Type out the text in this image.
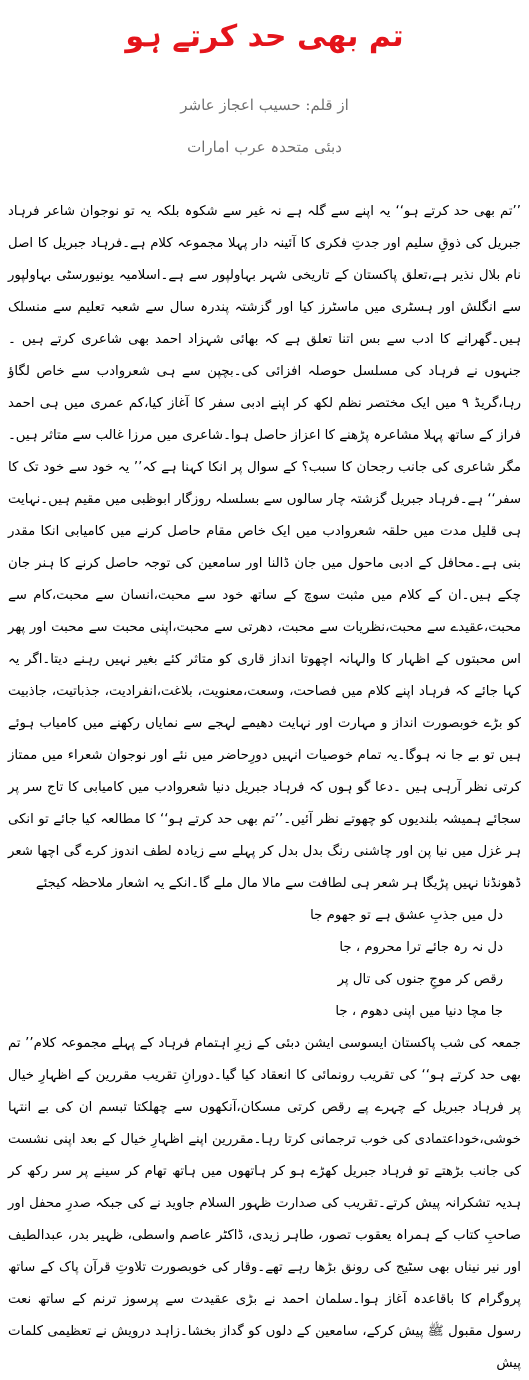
تم بھی حد کرتے ہو
از قلم: حسیب اعجاز عاشر
دبئی متحدہ عرب امارات

’’تم بھی حد کرتے ہو‘‘ یہ اپنے سے گلہ ہے نہ غیر سے شکوہ بلکہ یہ تو نوجوان شاعر فرہاد جبریل کی ذوقِ سلیم اور جدتِ فکری کا آئینہ دار پہلا مجموعہ کلام ہے۔فرہاد جبریل کا اصل نام بلال نذیر ہے،تعلق پاکستان کے تاریخی شہر بہاولپور سے ہے۔اسلامیہ یونیورسٹی بہاولپور سے انگلش اور ہسٹری میں ماسٹرز کیا اور گزشتہ پندرہ سال سے شعبہ تعلیم سے منسلک ہیں۔گھرانے کا ادب سے بس اتنا تعلق ہے کہ بھائی شہزاد احمد بھی شاعری کرتے ہیں ۔جنہوں نے فرہاد کی مسلسل حوصلہ افزائی کی۔بچپن سے ہی شعروادب سے خاص لگاؤ رہا،گریڈ ۹ میں ایک مختصر نظم لکھ کر اپنے ادبی سفر کا آغاز کیا،کم عمری میں ہی احمد فراز کے ساتھ پہلا مشاعرہ پڑھنے کا اعزاز حاصل ہوا۔شاعری میں مرزا غالب سے متاثر ہیں۔مگر شاعری کی جانب رجحان کا سبب؟ کے سوال پر انکا کہنا ہے کہ’’ یہ خود سے خود تک کا سفر‘‘ ہے۔فرہاد جبریل گزشتہ چار سالوں سے بسلسلہ روزگار ابوظبی میں مقیم ہیں۔نہایت ہی قلیل مدت میں حلقہ شعروادب میں ایک خاص مقام حاصل کرنے میں کامیابی انکا مقدر بنی ہے۔محافل کے ادبی ماحول میں جان ڈالنا اور سامعین کی توجہ حاصل کرنے کا ہنر جان چکے ہیں۔ان کے کلام میں مثبت سوچ کے ساتھ خود سے محبت،انسان سے محبت،کام سے محبت،عقیدے سے محبت،نظریات سے محبت، دھرتی سے محبت،اپنی محبت سے محبت اور پھر اس محبتوں کے اظہار کا والہانہ اچھوتا انداز قاری کو متاثر کئے بغیر نہیں رہنے دیتا۔اگر یہ کہا جائے کہ فرہاد اپنے کلام میں فصاحت، وسعت،معنویت، بلاغت،انفرادیت، جذباتیت، جاذبیت کو بڑے خوبصورت انداز و مہارت اور نہایت دھیمے لہجے سے نمایاں رکھنے میں کامیاب ہوئے ہیں تو بے جا نہ ہوگا۔یہ تمام خوصیات انہیں دورِحاضر میں نئے اور نوجوان شعراء میں ممتاز کرتی نظر آرہی ہیں ۔دعا گو ہوں کہ فرہاد جبریل دنیا شعروادب میں کامیابی کا تاج سر پر سجائے ہمیشہ بلندیوں کو چھوتے نظر آئیں۔’’تم بھی حد کرتے ہو‘‘ کا مطالعہ کیا جائے تو انکی ہر غزل میں نیا پن اور چاشنی رنگ بدل بدل کر پہلے سے زیادہ لطف اندوز کرے گی اچھا شعر ڈھونڈنا نہیں پڑیگا ہر شعر ہی لطافت سے مالا مال ملے گا۔انکے یہ اشعار ملاحظہ کیجئے

دل میں جذبِ عشق ہے تو جھوم جا

دل نہ رہ جائے ترا محروم ، جا

رقص کر موجِ جنوں کی تال پر

جا مچا دنیا میں اپنی دھوم ، جا

جمعہ کی شب پاکستان ایسوسی ایشن دبئی کے زیرِ اہتمام فرہاد کے پہلے مجموعہ کلام’’ تم بھی حد کرتے ہو‘‘ کی تقریب رونمائی کا انعقاد کیا گیا۔دورانِ تقریب مقررین کے اظہارِ خیال پر فرہاد جبریل کے چہرے پے رقص کرتی مسکان،آنکھوں سے چھلکتا تبسم ان کی بے انتہا خوشی،خوداعتمادی کی خوب ترجمانی کرتا رہا۔مقررین اپنے اظہارِ خیال کے بعد اپنی نشست کی جانب بڑھتے تو فرہاد جبریل کھڑے ہو کر ہاتھوں میں ہاتھ تھام کر سینے پر سر رکھ کر ہدیہ تشکرانہ پیش کرتے۔تقریب کی صدارت ظہور السلام جاوید نے کی جبکہ صدرِ محفل اور صاحبِ کتاب کے ہمراہ یعقوب تصور، طاہر زیدی، ڈاکٹر عاصم واسطی، ظہیر بدر، عبدالطیف اور نیر نیناں بھی سٹیج کی رونق بڑھا رہے تھے۔وقار کی خوبصورت تلاوتِ قرآن پاک کے ساتھ پروگرام کا باقاعدہ آغاز ہوا۔سلمان احمد نے بڑی عقیدت سے پرسوز ترنم کے ساتھ نعت رسول مقبول ﷺ پیش کرکے، سامعین کے دلوں کو گداز بخشا۔زاہد درویش نے تعظیمی کلمات پیش
